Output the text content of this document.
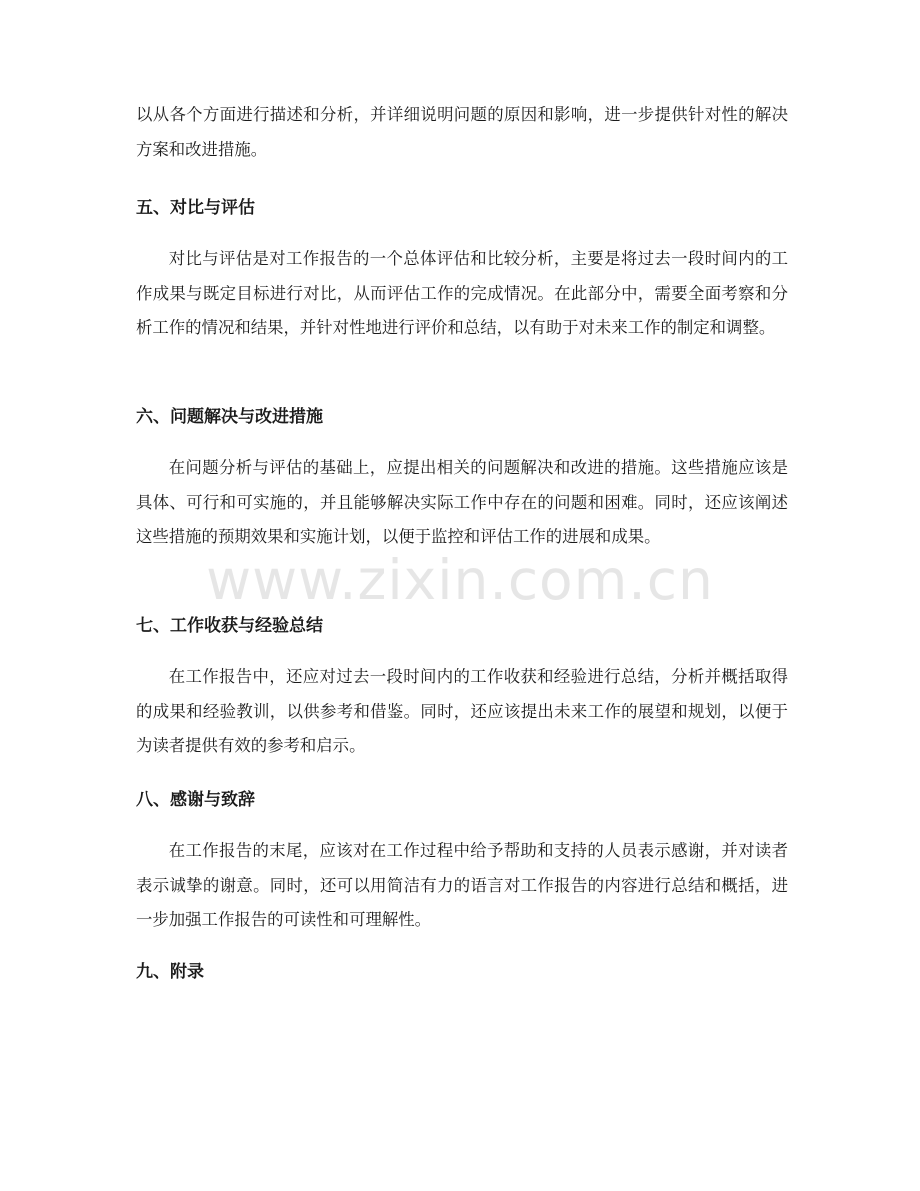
以从各个方面进行描述和分析，并详细说明问题的原因和影响，进一步提供针对性的解决方案和改进措施。

五、对比与评估

对比与评估是对工作报告的一个总体评估和比较分析，主要是将过去一段时间内的工作成果与既定目标进行对比，从而评估工作的完成情况。在此部分中，需要全面考察和分析工作的情况和结果，并针对性地进行评价和总结，以有助于对未来工作的制定和调整。

六、问题解决与改进措施

在问题分析与评估的基础上，应提出相关的问题解决和改进的措施。这些措施应该是具体、可行和可实施的，并且能够解决实际工作中存在的问题和困难。同时，还应该阐述这些措施的预期效果和实施计划，以便于监控和评估工作的进展和成果。

七、工作收获与经验总结

在工作报告中，还应对过去一段时间内的工作收获和经验进行总结，分析并概括取得的成果和经验教训，以供参考和借鉴。同时，还应该提出未来工作的展望和规划，以便于为读者提供有效的参考和启示。

八、感谢与致辞

在工作报告的末尾，应该对在工作过程中给予帮助和支持的人员表示感谢，并对读者表示诚挚的谢意。同时，还可以用简洁有力的语言对工作报告的内容进行总结和概括，进一步加强工作报告的可读性和可理解性。

九、附录

www.zixin.com.cn
